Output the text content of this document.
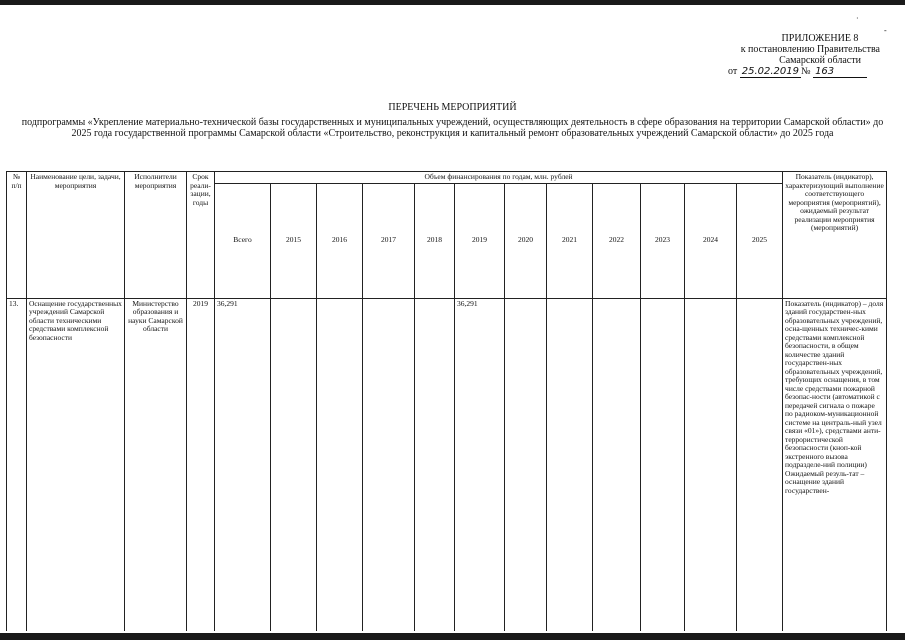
·
-
ПРИЛОЖЕНИЕ 8
к постановлению Правительства
Самарской области
от 25.02.2019 № 163
ПЕРЕЧЕНЬ МЕРОПРИЯТИЙ
подпрограммы «Укрепление материально-технической базы государственных и муниципальных учреждений, осуществляющих деятельность в сфере образования на территории Самарской области» до 2025 года государственной программы Самарской области «Строительство, реконструкция и капитальный ремонт образовательных учреждений Самарской области» до 2025 года
№ п/п	Наименование цели, задачи, мероприятия	Исполнители мероприятия	Срок реали-зации, годы	Объем финансирования по годам, млн. рублей												Показатель (индикатор), характеризующий выполнение соответствующего мероприятия (мероприятий), ожидаемый результат реализации мероприятия (мероприятий)
				Всего	2015	2016	2017	2018	2019	2020	2021	2022	2023	2024	2025	
13.	Оснащение государственных учреждений Самарской области техническими средствами комплексной безопасности	Министерство образования и науки Самарской области	2019	36,291					36,291							Показатель (индикатор) – доля зданий государствен-ных образовательных учреждений, осна-щенных техничес-кими средствами комплексной безопасности, в общем количестве зданий государствен-ных образовательных учреждений, требующих оснащения, в том числе средствами пожарной безопас-ности (автоматикой с передачей сигнала о пожаре по радиоком-муникационной системе на централь-ный узел связи «01»), средствами анти-террористической безопасности (кноп-кой экстренного вызова подразделе-ний полиции) Ожидаемый резуль-тат – оснащение зданий государствен-
